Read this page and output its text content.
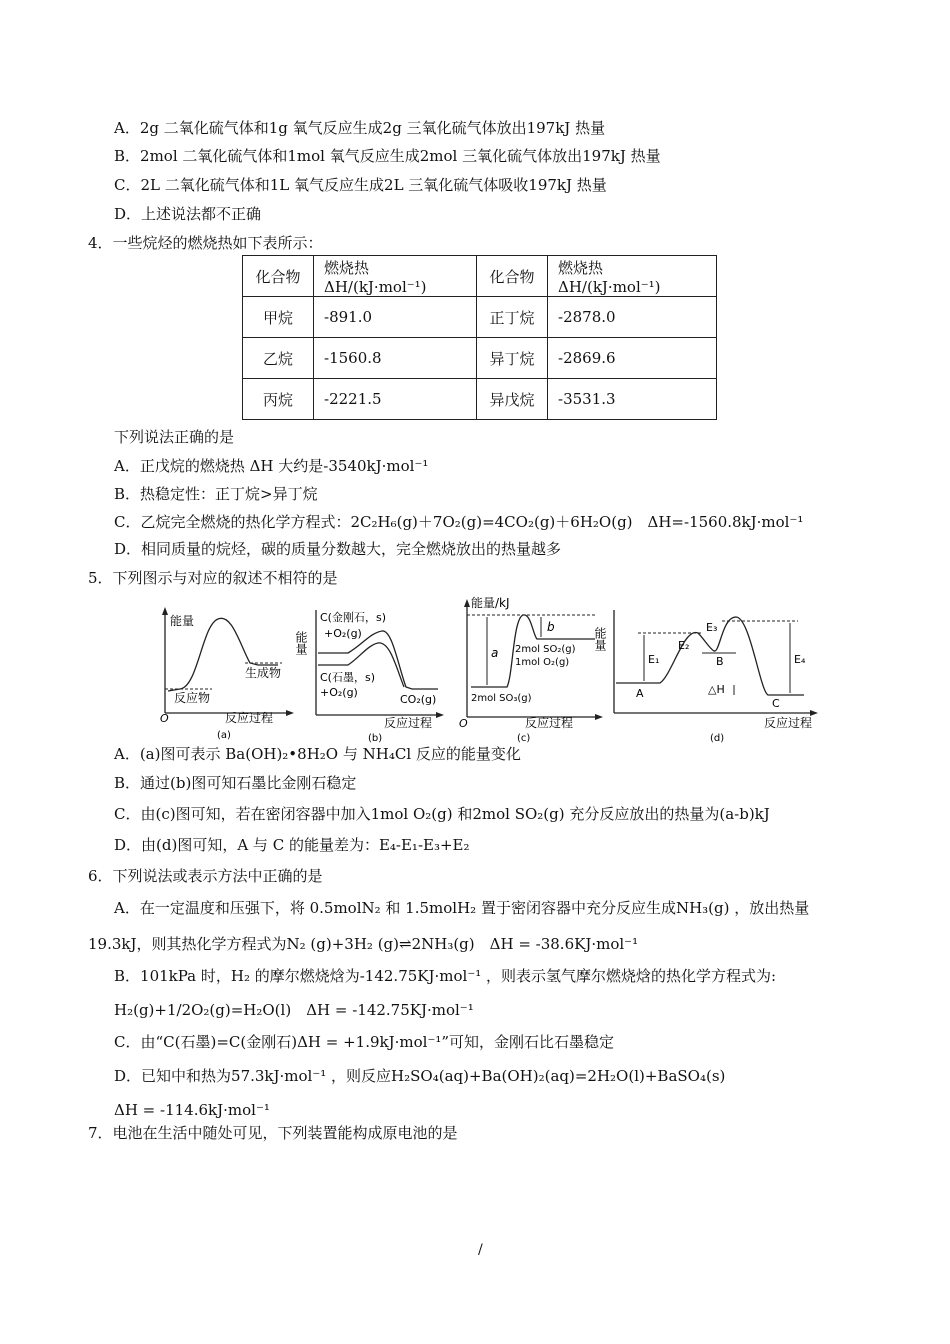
A．2g 二氧化硫气体和1g 氧气反应生成2g 三氧化硫气体放出197kJ 热量
B．2mol 二氧化硫气体和1mol 氧气反应生成2mol 三氧化硫气体放出197kJ 热量
C．2L 二氧化硫气体和1L 氧气反应生成2L 三氧化硫气体吸收197kJ 热量
D．上述说法都不正确
4．一些烷烃的燃烧热如下表所示：
化合物	燃烧热 ΔH/(kJ·mol⁻¹)	化合物	燃烧热 ΔH/(kJ·mol⁻¹)
甲烷	-891.0	正丁烷	-2878.0
乙烷	-1560.8	异丁烷	-2869.6
丙烷	-2221.5	异戊烷	-3531.3
下列说法正确的是
A．正戊烷的燃烧热 ΔH 大约是-3540kJ·mol⁻¹
B．热稳定性：正丁烷>异丁烷
C．乙烷完全燃烧的热化学方程式：2C₂H₆(g)＋7O₂(g)=4CO₂(g)＋6H₂O(g)　ΔH=-1560.8kJ·mol⁻¹
D．相同质量的烷烃，碳的质量分数越大，完全燃烧放出的热量越多
5．下列图示与对应的叙述不相符的是
能量
O
反应物
生成物
反应过程
(a)
能量
C(金刚石，s)
+O₂(g)
C(石墨，s)
+O₂(g)
CO₂(g)
反应过程
(b)
能量/kJ
a
b
2mol SO₂(g)
1mol O₂(g)
2mol SO₃(g)
O	反应过程
(c)
能量
E₁
E₂
E₃
E₄
A
B
C
△H
反应过程
(d)
A．(a)图可表示 Ba(OH)₂•8H₂O 与 NH₄Cl 反应的能量变化
B．通过(b)图可知石墨比金刚石稳定
C．由(c)图可知，若在密闭容器中加入1mol O₂(g) 和2mol SO₂(g) 充分反应放出的热量为(a-b)kJ
D．由(d)图可知，A 与 C 的能量差为：E₄-E₁-E₃+E₂
6．下列说法或表示方法中正确的是
A．在一定温度和压强下，将 0.5molN₂ 和 1.5molH₂ 置于密闭容器中充分反应生成NH₃(g) ，放出热量
19.3kJ，则其热化学方程式为N₂ (g)+3H₂ (g)⇌2NH₃(g)　ΔH = -38.6KJ·mol⁻¹
B．101kPa 时，H₂ 的摩尔燃烧焓为-142.75KJ·mol⁻¹ ，则表示氢气摩尔燃烧焓的热化学方程式为:
H₂(g)+1/2O₂(g)=H₂O(l)　ΔH = -142.75KJ·mol⁻¹
C．由“C(石墨)=C(金刚石)ΔH = +1.9kJ·mol⁻¹”可知，金刚石比石墨稳定
D．已知中和热为57.3kJ·mol⁻¹ ，则反应H₂SO₄(aq)+Ba(OH)₂(aq)=2H₂O(l)+BaSO₄(s)
ΔH = -114.6kJ·mol⁻¹
7．电池在生活中随处可见，下列装置能构成原电池的是
/
